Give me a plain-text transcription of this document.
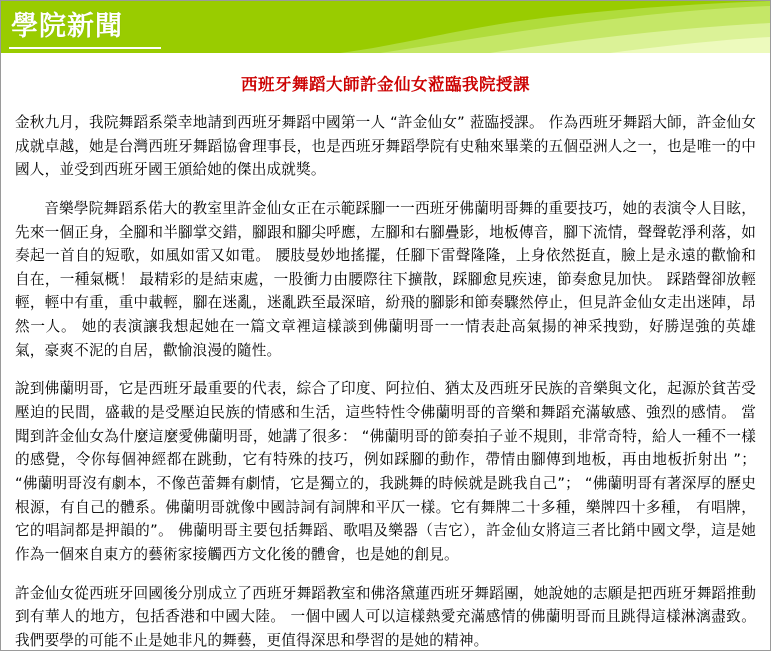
學院新聞
西班牙舞蹈大師許金仙女蒞臨我院授課

金秋九月，我院舞蹈系榮幸地請到西班牙舞蹈中國第一人 “許金仙女” 蒞臨授課。 作為西班牙舞蹈大師，許金仙女成就卓越，她是台灣西班牙舞蹈協會理事長，也是西班牙舞蹈學院有史釉來畢業的五個亞洲人之一，也是唯一的中國人，並受到西班牙國王頒給她的傑出成就獎。

音樂學院舞蹈系偌大的教室里許金仙女正在示範踩腳一一西班牙佛蘭明哥舞的重要技巧，她的表演令人目眩，先來一個正身，全腳和半腳掌交錯，腳跟和腳尖呼應，左腳和右腳疊影，地板傳音，腳下流情，聲聲乾淨利落，如奏起一首自的短歌，如風如雷又如電。 腰肢曼妙地搖擺，任腳下雷聲隆隆，上身依然挺直，臉上是永遠的歡愉和自在，一種氣概！ 最精彩的是結束處，一股衝力由腰際往下擴散，踩腳愈見疾速，節奏愈見加快。 踩踏聲卻放輕輕，輕中有重，重中載輕，腳在迷亂，迷亂跌至最深暗，紛飛的腳影和節奏驟然停止，但見許金仙女走出迷陣，昂然一人。 她的表演讓我想起她在一篇文章裡這樣談到佛蘭明哥一一情表赴高氣揚的神采拽勁，好勝逞強的英雄氣，豪爽不泥的自居，歡愉浪漫的隨性。

說到佛蘭明哥，它是西班牙最重要的代表，綜合了印度、阿拉伯、猶太及西班牙民族的音樂與文化，起源於貧苦受壓迫的民間，盛載的是受壓迫民族的情感和生活，這些特性令佛蘭明哥的音樂和舞蹈充滿敏感、強烈的感情。 當聞到許金仙女為什麼這麼愛佛蘭明哥，她講了很多： “佛蘭明哥的節奏拍子並不規則，非常奇特，給人一種不一樣的感覺，令你每個神經都在跳動，它有特殊的技巧，例如踩腳的動作，帶情由腳傳到地板，再由地板折射出 ”； “佛蘭明哥沒有劇本，不像芭蕾舞有劇情，它是獨立的，我跳舞的時候就是跳我自己”； “佛蘭明哥有著深厚的歷史根源，有自己的體系。佛蘭明哥就像中國詩詞有詞牌和平仄一樣。它有舞牌二十多種，樂牌四十多種， 有唱牌，它的唱詞都是押韻的”。 佛蘭明哥主要包括舞蹈、歌唱及樂器（吉它），許金仙女將這三者比銷中國文學，這是她作為一個來自東方的藝術家接觸西方文化後的體會，也是她的創見。

許金仙女從西班牙回國後分別成立了西班牙舞蹈教室和佛洛黛蓮西班牙舞蹈團，她說她的志願是把西班牙舞蹈推動到有華人的地方，包括香港和中國大陸。 一個中國人可以這樣熱愛充滿感情的佛蘭明哥而且跳得這樣淋漓盡致。 我們要學的可能不止是她非凡的舞藝，更值得深思和學習的是她的精神。
